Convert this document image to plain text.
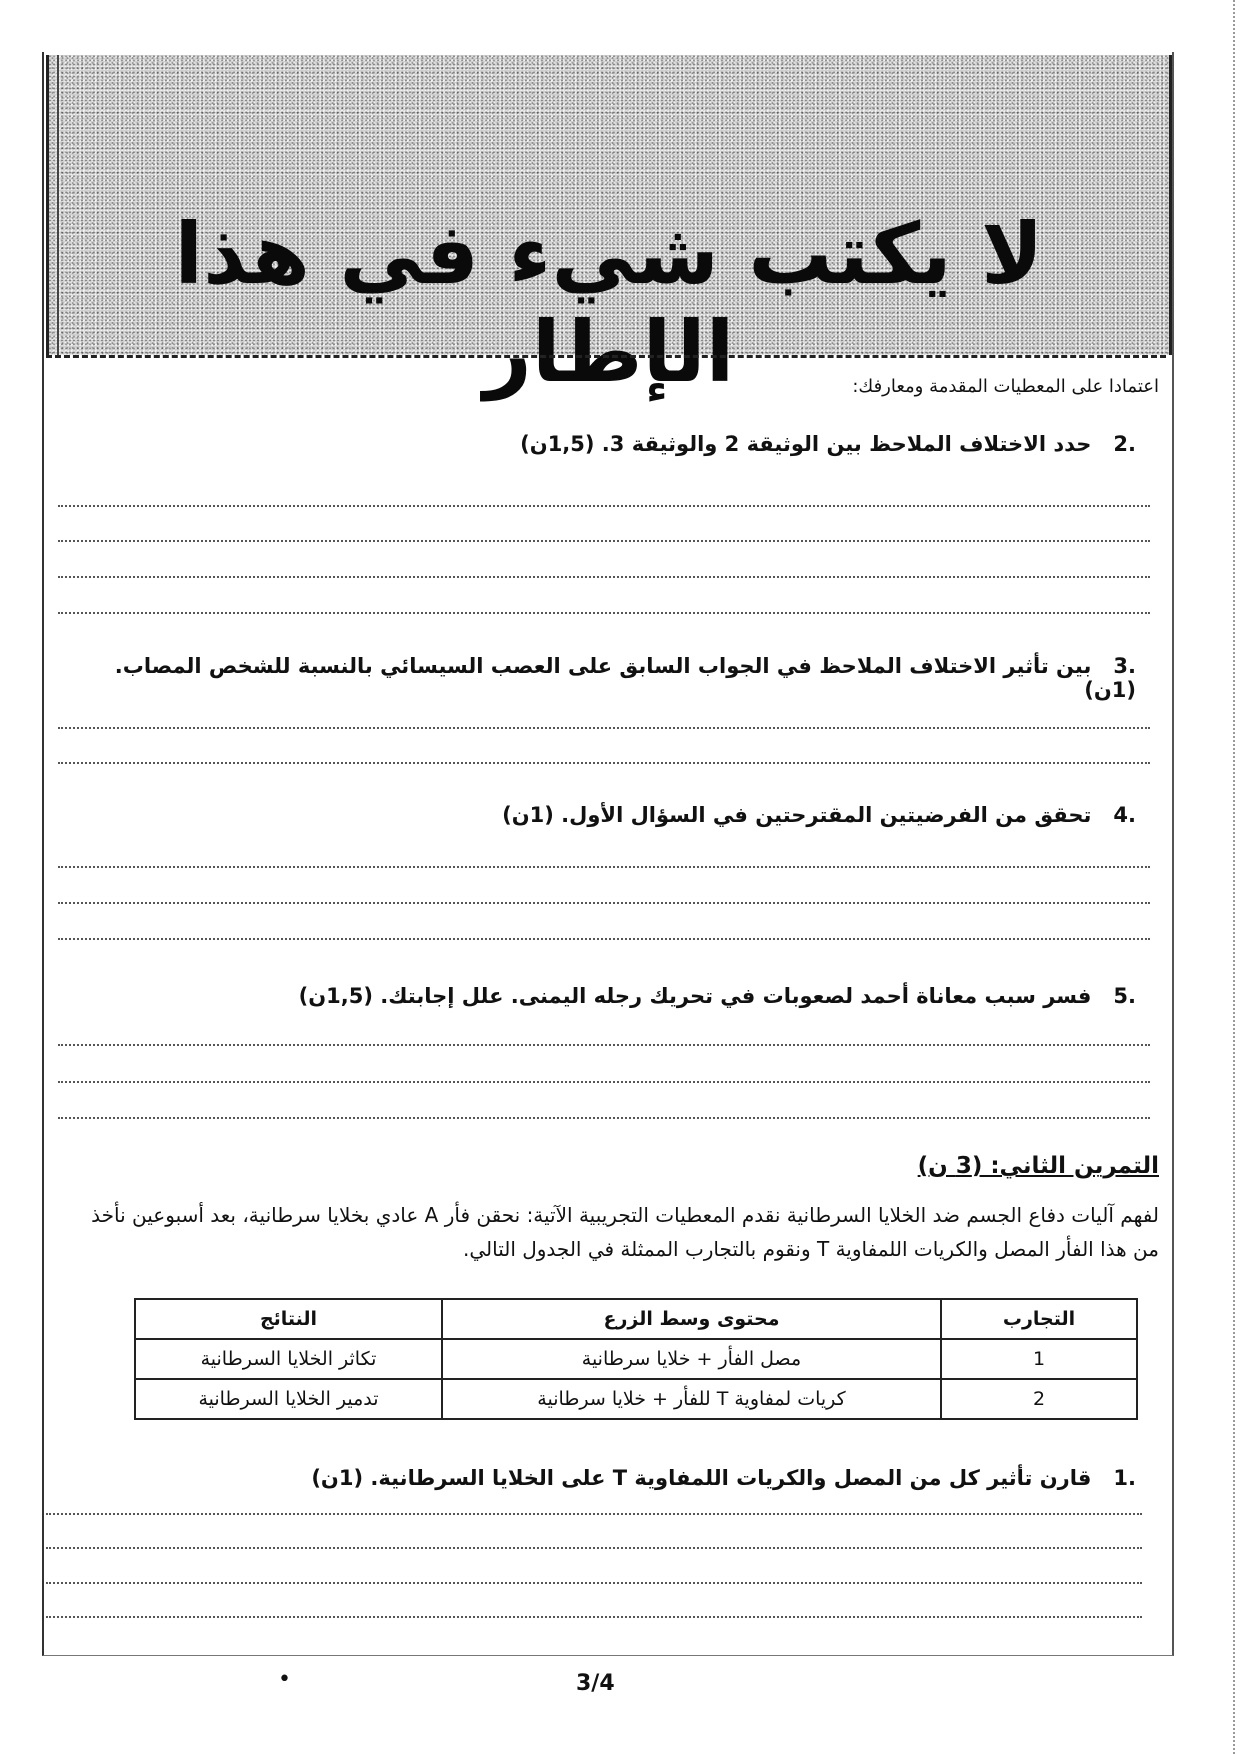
لا يكتب شيء في هذا الإطار	اعتمادا على المعطيات المقدمة ومعارفك:
.2حدد الاختلاف الملاحظ بين الوثيقة 2 والوثيقة 3. (1,5ن)
.3بين تأثير الاختلاف الملاحظ في الجواب السابق على العصب السيسائي بالنسبة للشخص المصاب. (1ن)
.4تحقق من الفرضيتين المقترحتين في السؤال الأول. (1ن)
.5فسر سبب معاناة أحمد لصعوبات في تحريك رجله اليمنى. علل إجابتك. (1,5ن)
التمرين الثاني: (3 ن)
لفهم آليات دفاع الجسم ضد الخلايا السرطانية نقدم المعطيات التجريبية الآتية: نحقن فأر A عادي بخلايا سرطانية، بعد أسبوعين نأخذ من هذا الفأر المصل والكريات اللمفاوية T ونقوم بالتجارب الممثلة في الجدول التالي.
التجارب	محتوى وسط الزرع	النتائج
1	مصل الفأر + خلايا سرطانية	تكاثر الخلايا السرطانية
2	كريات لمفاوية T للفأر + خلايا سرطانية	تدمير الخلايا السرطانية
.1قارن تأثير كل من المصل والكريات اللمفاوية T على الخلايا السرطانية. (1ن)
•	3/4
